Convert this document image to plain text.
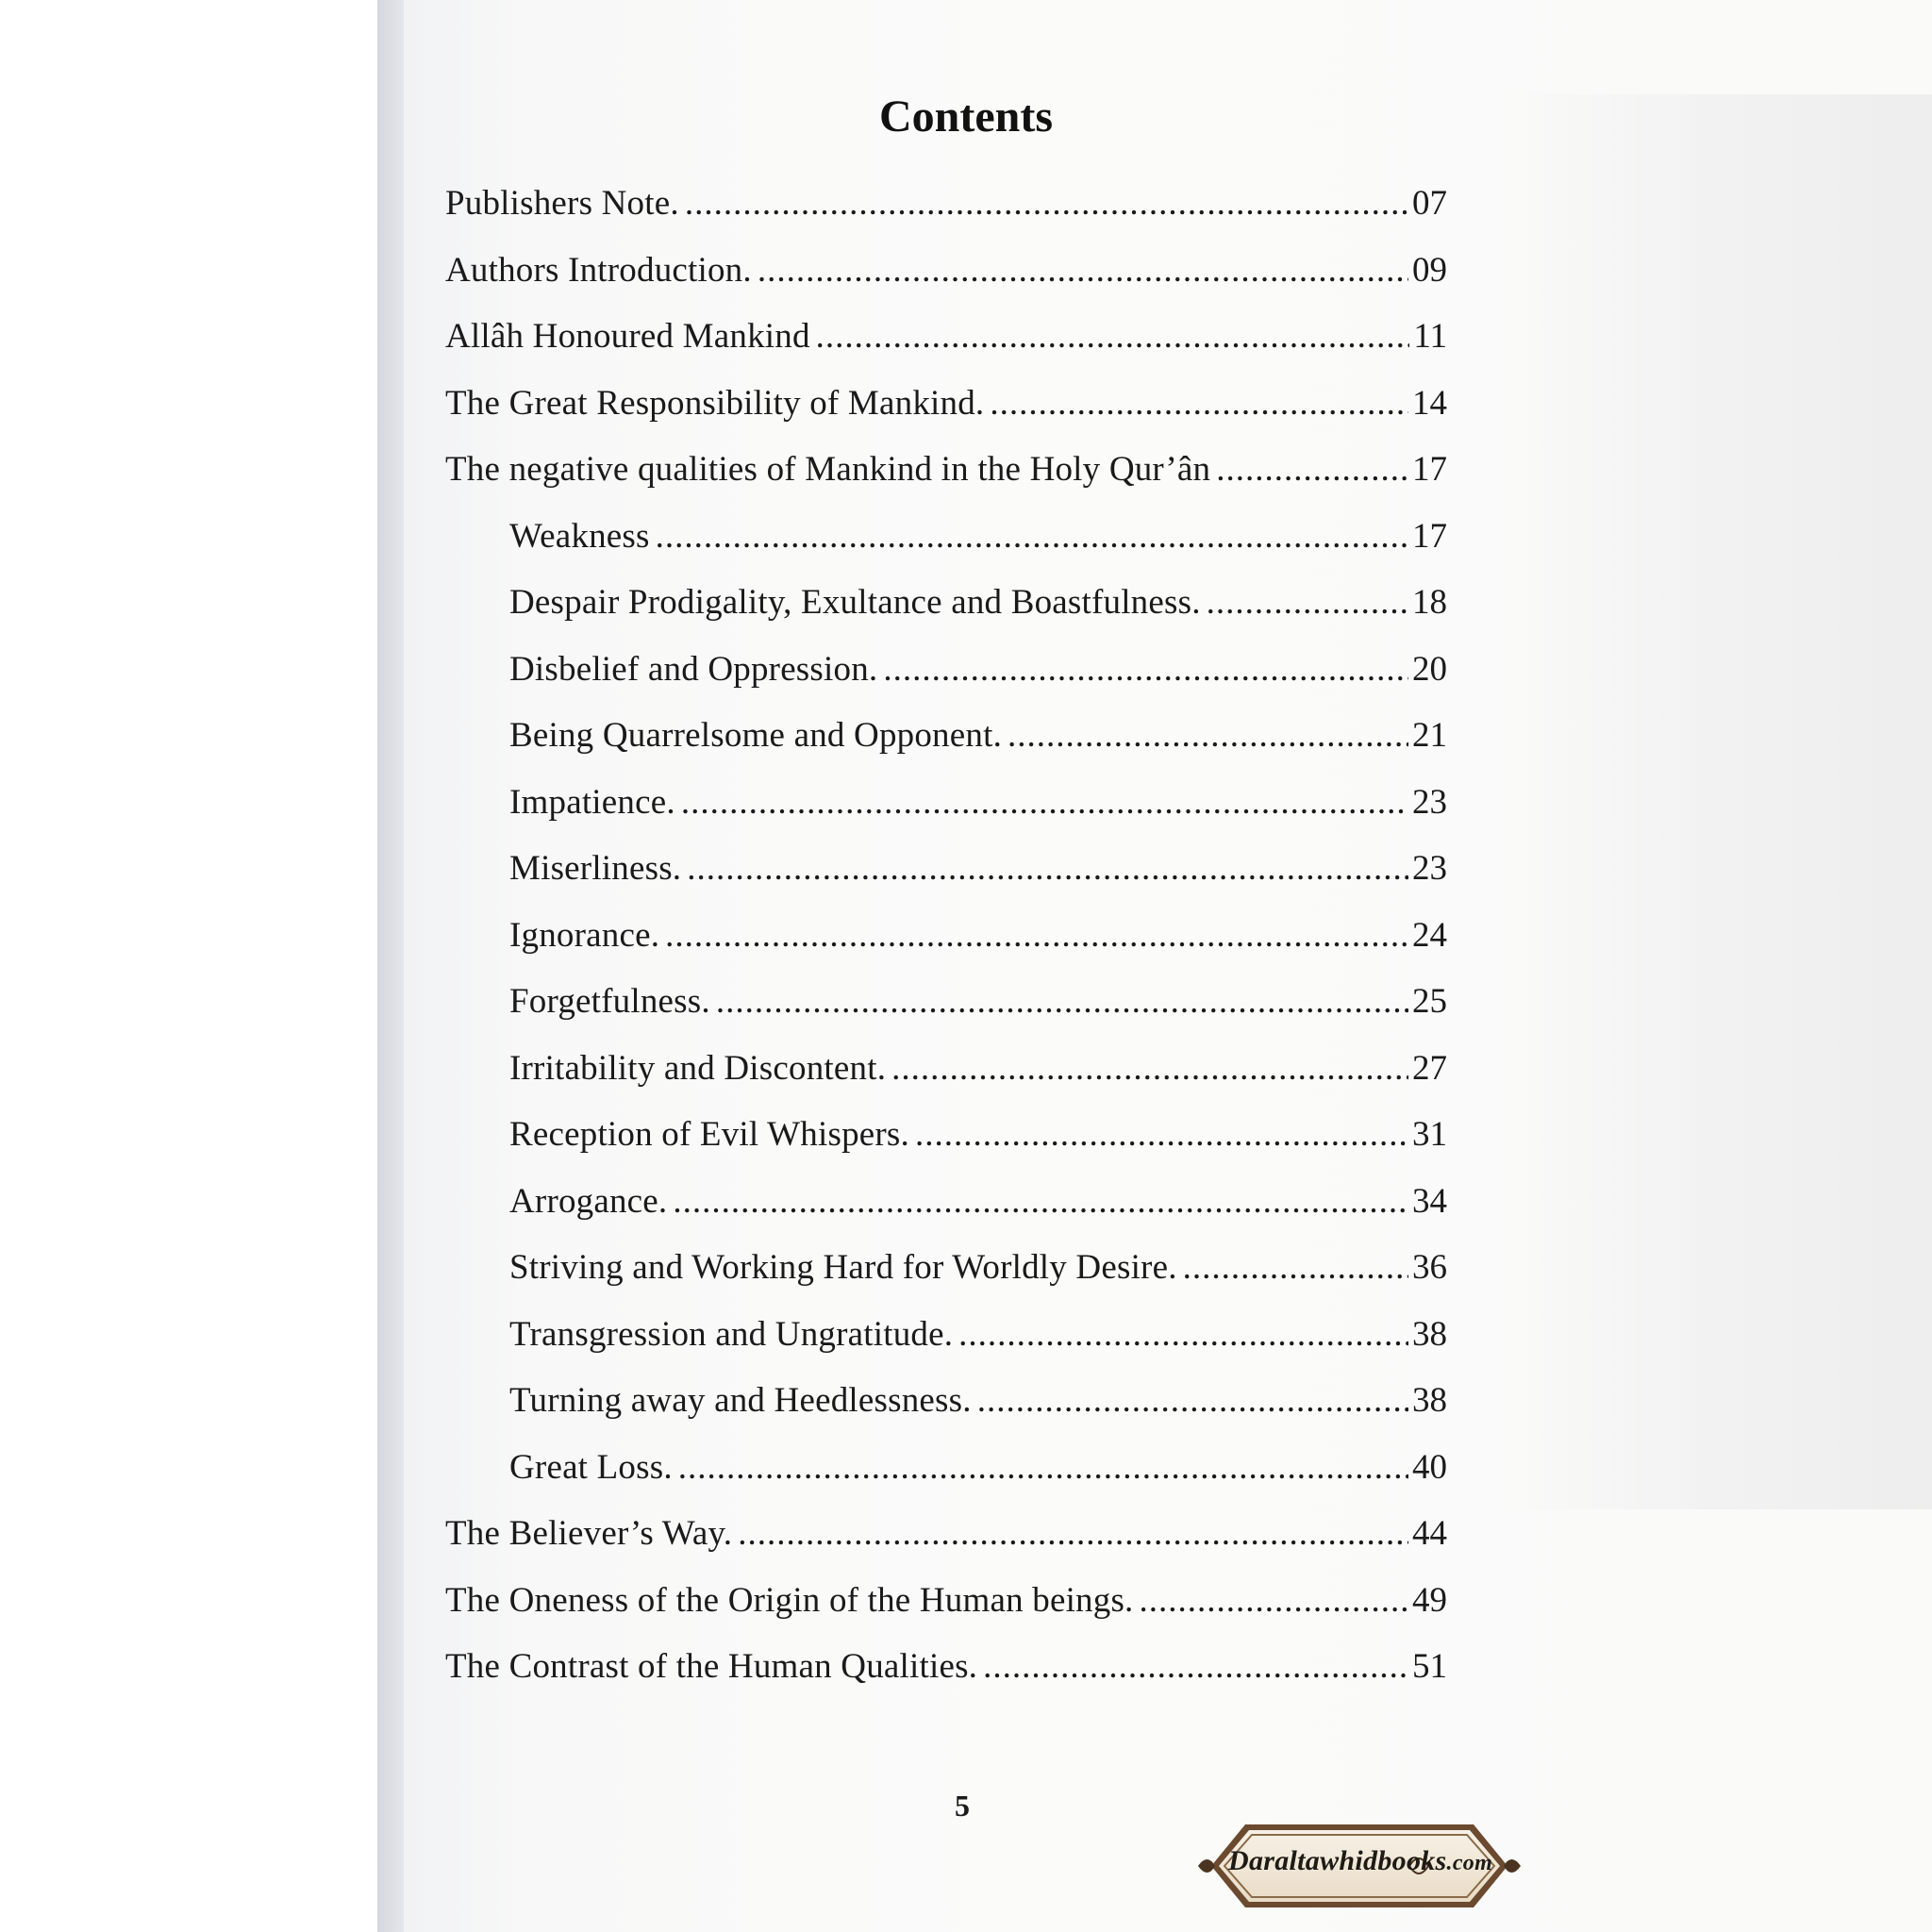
Contents
Publishers Note. .....	07
Authors Introduction. .....	09
Allâh Honoured Mankind .....	11
The Great Responsibility of Mankind. .....	14
The negative qualities of Mankind in the Holy Qur’ân .....	17
Weakness .....	17
Despair Prodigality, Exultance and Boastfulness. .....	18
Disbelief and Oppression. .....	20
Being Quarrelsome and Opponent. .....	21
Impatience. .....	23
Miserliness. .....	23
Ignorance. .....	24
Forgetfulness. .....	25
Irritability and Discontent. .....	27
Reception of Evil Whispers. .....	31
Arrogance. .....	34
Striving and Working Hard for Worldly Desire. .....	36
Transgression and Ungratitude. .....	38
Turning away and Heedlessness. .....	38
Great Loss. .....	40
The Believer’s Way. .....	44
The Oneness of the Origin of the Human beings. .....	49
The Contrast of the Human Qualities. .....	51
5
Daraltawhidbooks.com
